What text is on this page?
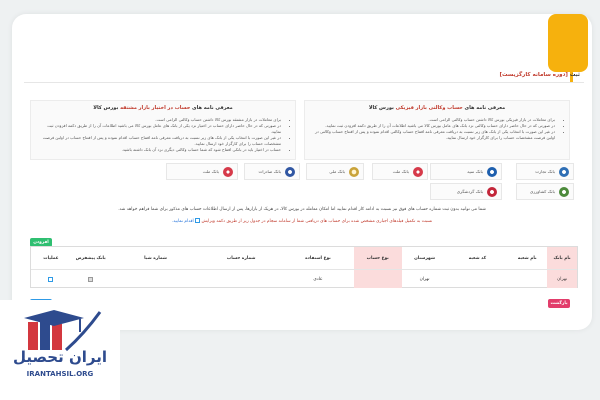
ثبت [دوره سامانه کارگزیست]
معرفی نامه های حساب وکالتی بازار فیزیکی بورس کالا
• برای معاملات در بازار فیزیکی بورس کالا داشتن حساب وکالتی الزامی است.
• در صورتی که در حال حاضر دارای حساب وکالتی نزد بانک های عامل بورس کالا می باشید اطلاعات آن را از طریق دکمه افزودن ثبت نمایید.
• در غیر این صورت با انتخاب یکی از بانک های زیر نسبت به دریافت معرفی نامه افتتاح حساب وکالتی اقدام نموده و پس از افتتاح حساب وکالتی در اولین فرصت مشخصات حساب را برای کارگزار خود ارسال نمایید.
معرفی نامه های حساب در اختیار بازار مشتقه بورس کالا
• برای معاملات در بازار مشتقه بورس کالا داشتن حساب وکالتی الزامی است.
• در صورتی که در حال حاضر دارای حساب در اختیار نزد یکی از بانک های عامل بورس کالا می باشید اطلاعات آن را از طریق دکمه افزودن ثبت نمایید.
• در غیر این صورت با انتخاب یکی از بانک های زیر نسبت به دریافت معرفی نامه افتتاح حساب اقدام نموده و پس از افتتاح حساب در اولین فرصت مشخصات حساب را برای کارگزار خود ارسال نمایید.
• حساب در اختیار باید در بانکی افتتاح شود که شما حساب وکالتی دیگری نزد آن بانک داشته باشید.
بانک تجارت
بانک سپه
بانک ملت
بانک ملی
بانک صادرات
بانک ملت
بانک کشاورزی
بانک گردشگری
شما می توانید بدون ثبت شماره حساب های فوق نیز نسبت به ادامه کار اقدام نمایید اما امکان معامله در بورس کالا، در هریک از بازارها، پس از ارسال اطلاعات حساب های مذکور برای شما فراهم خواهد شد.
نسبت به تکمیل فیلدهای اجباری مشخص شده برای حساب های دریافتی شما از سامانه سجام در جدول زیر از طریق دکمه ویرایش  اقدام نمایید.
افزودن
نام بانک
نام شعبه
کد شعبه
شهرستان
نوع حساب
نوع استفاده
شماره حساب
شماره شبا
بانک پیشفرض
عملیات
تهران
تهران
عادی
بازگشت
ایران تحصیل
IRANTAHSIL.ORG
